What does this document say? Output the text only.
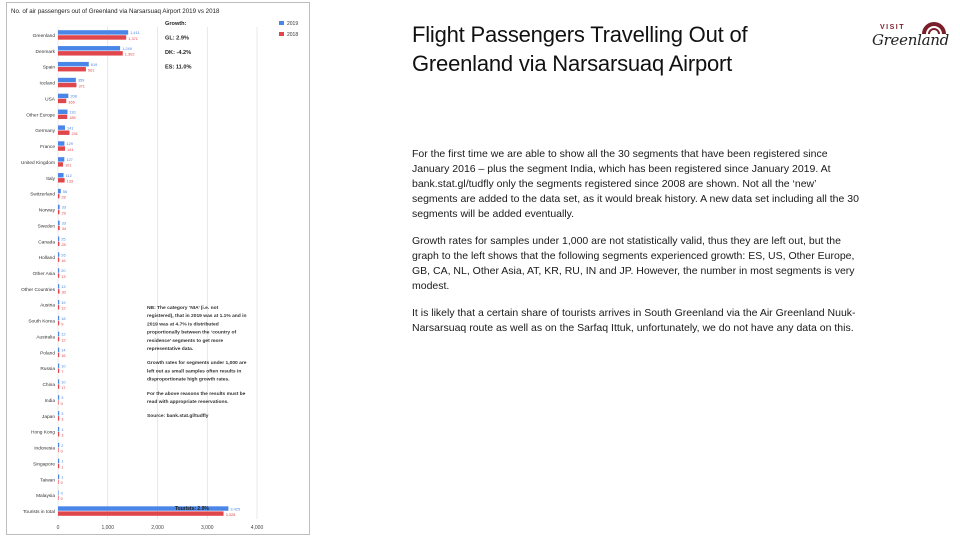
No. of air passengers out of Greenland via Narsarsuaq Airport 2019 vs 2018
0	1,000	2,000	3,000	4,000
Greenland
1,411
1,371
Denmark
1,249
1,302
Spain
619
561
Iceland
359
371
USA
208
166
Other Europe
191
185
Germany
141
231
France
129
141
United Kingdom
127
101
Italy
112
133
Switzerland
56
28
Norway
33
29
Sweden
33
34
Canada
25
28
Holland
26
16
Other Asia
20
13
Other Countries
13
30
Austria
19
12
South Korea
18
9
Australia
12
12
Poland
14
16
Russia
10
7
China
10
17
India
3
0
Japan
3
3
Hong Kong
1
3
Indonesia
2
0
Singapore
1
1
Taiwan
1
0
Malaysia
0
0
Tourists in total
3,425
3,328
2019
2018
Growth:
GL: 2.9%
DK: -4.2%
ES: 11.0%
NB: The category ‘NIA’ (i.e. not registered), that in 2019 was at 1.1% and in 2019 was at 4.7% is distributed proportionally between the ‘country of residence’ segments to get more representative data.
Growth rates for segments under 1,000 are left out as small samples often results in disproportionate high growth rates.
For the above reasons the results must be read with appropriate reservations.
Source: bank.stat.gl/tudfly
Tourists: 2.9%
Flight Passengers Travelling Out of Greenland via Narsarsuaq Airport

For the first time we are able to show all the 30 segments that have been registered since January 2016 – plus the segment India, which has been registered since January 2019. At bank.stat.gl/tudfly only the segments registered since 2008 are shown. Not all the ‘new’ segments are added to the data set, as it would break history. A new data set including all the 30 segments will be added eventually.

Growth rates for samples under 1,000 are not statistically valid, thus they are left out, but the graph to the left shows that the following segments experienced growth: ES, US, Other Europe, GB, CA, NL, Other Asia, AT, KR, RU, IN and JP. However, the number in most segments is very modest.

It is likely that a certain share of tourists arrives in South Greenland via the Air Greenland Nuuk-Narsarsuaq route as well as on the Sarfaq Ittuk, unfortunately, we do not have any data on this.

VISIT
Greenland
